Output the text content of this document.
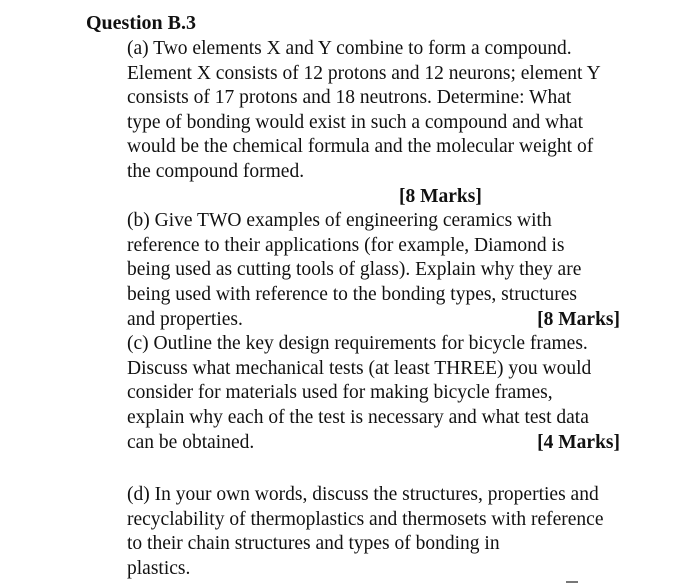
Question B.3
(a) Two elements X and Y combine to form a compound.
Element X consists of 12 protons and 12 neurons; element Y
consists of 17 protons and 18 neutrons. Determine: What
type of bonding would exist in such a compound and what
would be the chemical formula and the molecular weight of
the compound formed.
[8 Marks]
(b) Give TWO examples of engineering ceramics with
reference to their applications (for example, Diamond is
being used as cutting tools of glass). Explain why they are
being used with reference to the bonding types, structures
and properties.	[8 Marks]
(c) Outline the key design requirements for bicycle frames.
Discuss what mechanical tests (at least THREE) you would
consider for materials used for making bicycle frames,
explain why each of the test is necessary and what test data
can be obtained.	[4 Marks]
(d) In your own words, discuss the structures, properties and
recyclability of thermoplastics and thermosets with reference
to their chain structures and types of bonding in
plastics.
